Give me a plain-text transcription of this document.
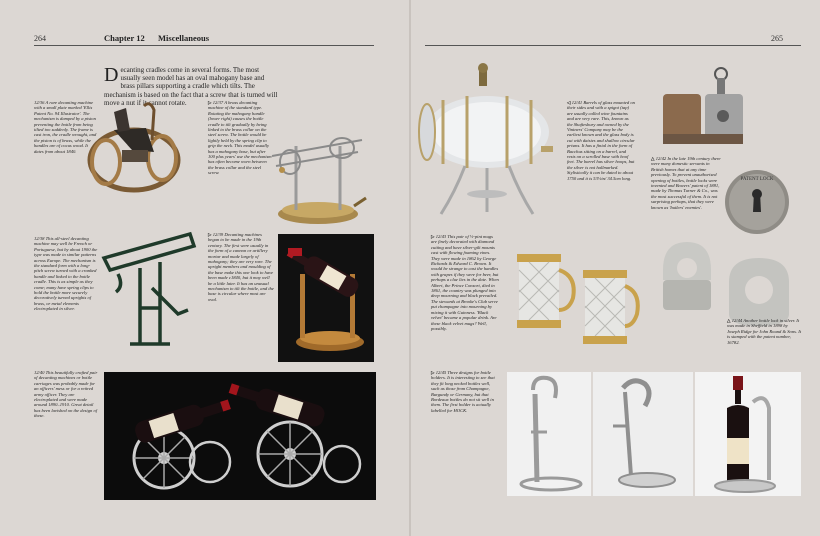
264	Chapter 12 Miscellaneous
Decanting cradles come in several forms. The most usually seen model has an oval mahogany base and brass pillars supporting a cradle which tilts. The mechanism is based on the fact that a screw that is turned will move a nut if it cannot rotate.
12/36 A rare decanting machine with a small plate marked 'Ellis Patent No. 94 Illustrator'. The mechanism is damped by a piston preventing the bottle from being tilted too suddenly. The frame is cast iron, the cradle wrought, and the piston is of brass, while the handles are of cocus wood. It dates from about 1840.
▷ 12/37 A brass decanting machine of the standard type. Rotating the mahogany handle (lower right) causes the bottle cradle to tilt gradually by being linked to the brass collar on the steel screw. The bottle would be lightly held by the spring clip to grip the neck. This model usually has a mahogany base, but after 100 plus years' use the mechanism has often become worn between the brass collar and the steel screw.
12/38 This all-steel decanting machine may well be French or Portuguese, but by about 1900 the type was made to similar patterns across Europe. The mechanism is the standard form with a long-pitch screw turned with a cranked handle and linked to the bottle cradle. This is as simple as they come; many have spring clips to hold the bottle more securely decoratively turned uprights of brass, or metal elements electroplated in silver.
▷ 12/39 Decanting machines began to be made in the 19th century. The first were usually in the form of a cannon or artillery mortar and made largely of mahogany; they are very rare. The upright members and moulding of the base make this one look to have been made c1840, but it may well be a little later. It has an unusual mechanism to tilt the bottle, and the base is circular where most are oval.
12/40 This beautifully crafted pair of decanting machines or bottle carriages was probably made for an officers' mess or for a retired army officer. They are electroplated and were made around 1890–1910. Great detail has been lavished on the design of these.
265
◁ 12/41 Barrels of glass mounted on their sides and with a spigot (tap) are usually called wine fountains and are very rare. This, known as the Shaftesbury and owned by the Vintners' Company may be the earliest known and the glass body is cut with daisies and shallow circular prisms. It has a finial in the form of Bacchus sitting on a barrel, and rests on a scrolled base with hoof feet. The barrel has silver hoops, but the silver is not hallmarked. Stylistically it can be dated to about 1750 and it is 53½in/ 34.5cm long.	PATENT LOCK
△ 12/42 In the late 19th century there were many domestic servants in British homes that at any time previously. To prevent unauthorised opening of bottles, bottle locks were invented and Bowers' patent of 1881, made by Thomas Turner & Co., was the most successful of them. It is not surprising perhaps, that they were known as 'butlers' enemies'.
▷ 12/43 This pair of ½-pint mugs are finely decorated with diamond cutting and have silver-gilt mounts cast with flowing foaming vines. They were made in 1862 by George Richards & Edward C. Brown. It would be strange to cast the handles with grapes if they were for beer, but perhaps a clue lies in the date. When Albert, the Prince Consort, died in 1861, the country was plunged into deep mourning and black prevailed. The stewards at Brooke's Club serve put champagne into mourning by mixing it with Guinness. 'Black velvet' became a popular drink. Are these black velvet mugs? Well, possibly.
△ 12/44 Another bottle lock in silver. It was made in Sheffield in 1898 by Joseph Ridge for John Round & Sons. It is stamped with the patent number, 16782.
▷ 12/45 Three designs for bottle holders. It is interesting to see that they fit long necked bottles well, such as those from Champagne, Burgundy or Germany, but that Bordeaux bottles do not sit well in them. The first holder is actually labelled for HOCK.
